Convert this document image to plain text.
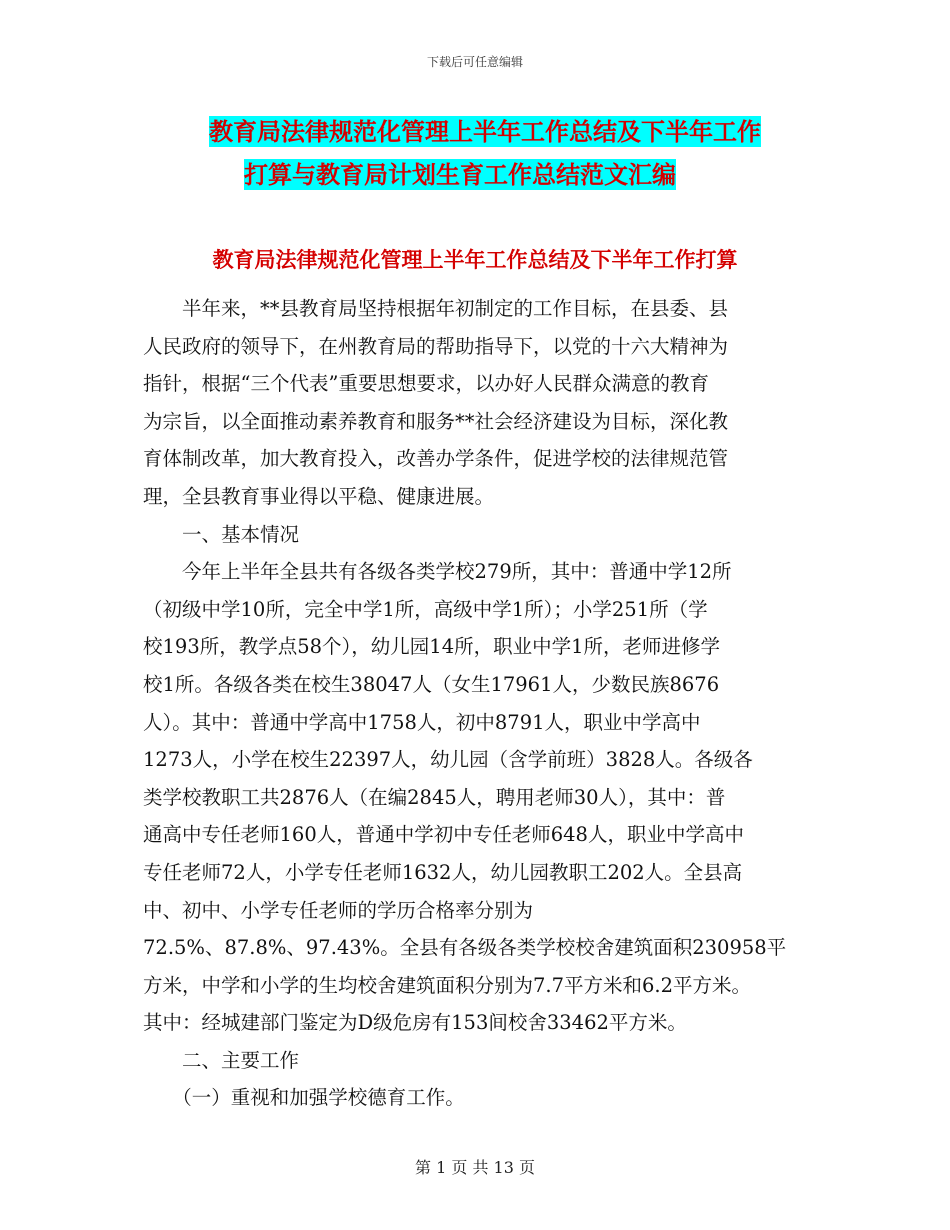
下载后可任意编辑
教育局法律规范化管理上半年工作总结及下半年工作
打算与教育局计划生育工作总结范文汇编
教育局法律规范化管理上半年工作总结及下半年工作打算
　　半年来，**县教育局坚持根据年初制定的工作目标，在县委、县
人民政府的领导下，在州教育局的帮助指导下，以党的十六大精神为
指针，根据“三个代表”重要思想要求，以办好人民群众满意的教育
为宗旨，以全面推动素养教育和服务**社会经济建设为目标，深化教
育体制改革，加大教育投入，改善办学条件，促进学校的法律规范管
理，全县教育事业得以平稳、健康进展。
　　一、基本情况
　　今年上半年全县共有各级各类学校279所，其中：普通中学12所
（初级中学10所，完全中学1所，高级中学1所）；小学251所（学
校193所，教学点58个），幼儿园14所，职业中学1所，老师进修学
校1所。各级各类在校生38047人（女生17961人，少数民族8676
人）。其中：普通中学高中1758人，初中8791人，职业中学高中
1273人，小学在校生22397人，幼儿园（含学前班）3828人。各级各
类学校教职工共2876人（在编2845人，聘用老师30人），其中：普
通高中专任老师160人，普通中学初中专任老师648人，职业中学高中
专任老师72人，小学专任老师1632人，幼儿园教职工202人。全县高
中、初中、小学专任老师的学历合格率分别为
72.5%、87.8%、97.43%。全县有各级各类学校校舍建筑面积230958平
方米，中学和小学的生均校舍建筑面积分别为7.7平方米和6.2平方米。
其中：经城建部门鉴定为D级危房有153间校舍33462平方米。
　　二、主要工作
　　（一）重视和加强学校德育工作。
第 1 页 共 13 页
